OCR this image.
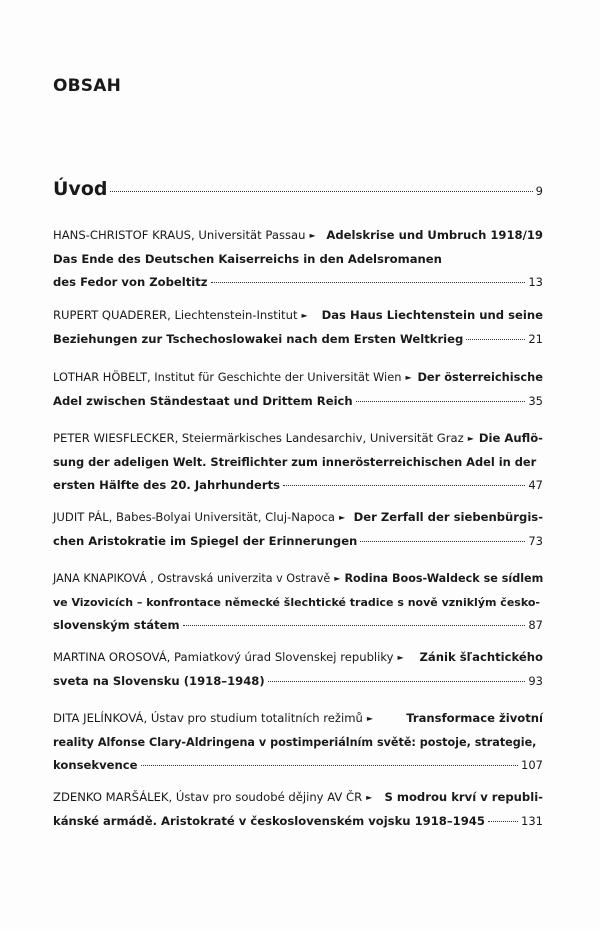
OBSAH
Úvod	9
HANS-CHRISTOF KRAUS, Universität Passau ► Adelskrise und Umbruch 1918/19
Das Ende des Deutschen Kaiserreichs in den Adelsromanen
des Fedor von Zobeltitz	13
RUPERT QUADERER, Liechtenstein-Institut ►	Das Haus Liechtenstein und seine
Beziehungen zur Tschechoslowakei nach dem Ersten Weltkrieg	21
LOTHAR HÖBELT, Institut für Geschichte der Universität Wien ► Der österreichische
Adel zwischen Ständestaat und Drittem Reich	35
PETER WIESFLECKER, Steiermärkisches Landesarchiv, Universität Graz ► Die Auflö-
sung der adeligen Welt. Streiflichter zum innerösterreichischen Adel in der
ersten Hälfte des 20. Jahrhunderts	47
JUDIT PÁL, Babes-Bolyai Universität, Cluj-Napoca ► Der Zerfall der siebenbürgis-
chen Aristokratie im Spiegel der Erinnerungen	73
JANA KNAPIKOVÁ , Ostravská univerzita v Ostravě ► Rodina Boos-Waldeck se sídlem
ve Vizovicích – konfrontace německé šlechtické tradice s nově vzniklým česko-
slovenským státem	87
MARTINA OROSOVÁ, Pamiatkový úrad Slovenskej republiky ►	Zánik šľachtického
sveta na Slovensku (1918–1948)	93
DITA JELÍNKOVÁ, Ústav pro studium totalitních režimů ►	Transformace životní
reality Alfonse Clary-Aldringena v postimperiálním světě: postoje, strategie,
konsekvence	107
ZDENKO MARŠÁLEK, Ústav pro soudobé dějiny AV ČR ►	S modrou krví v republi-
kánské armádě. Aristokraté v československém vojsku 1918–1945	131
